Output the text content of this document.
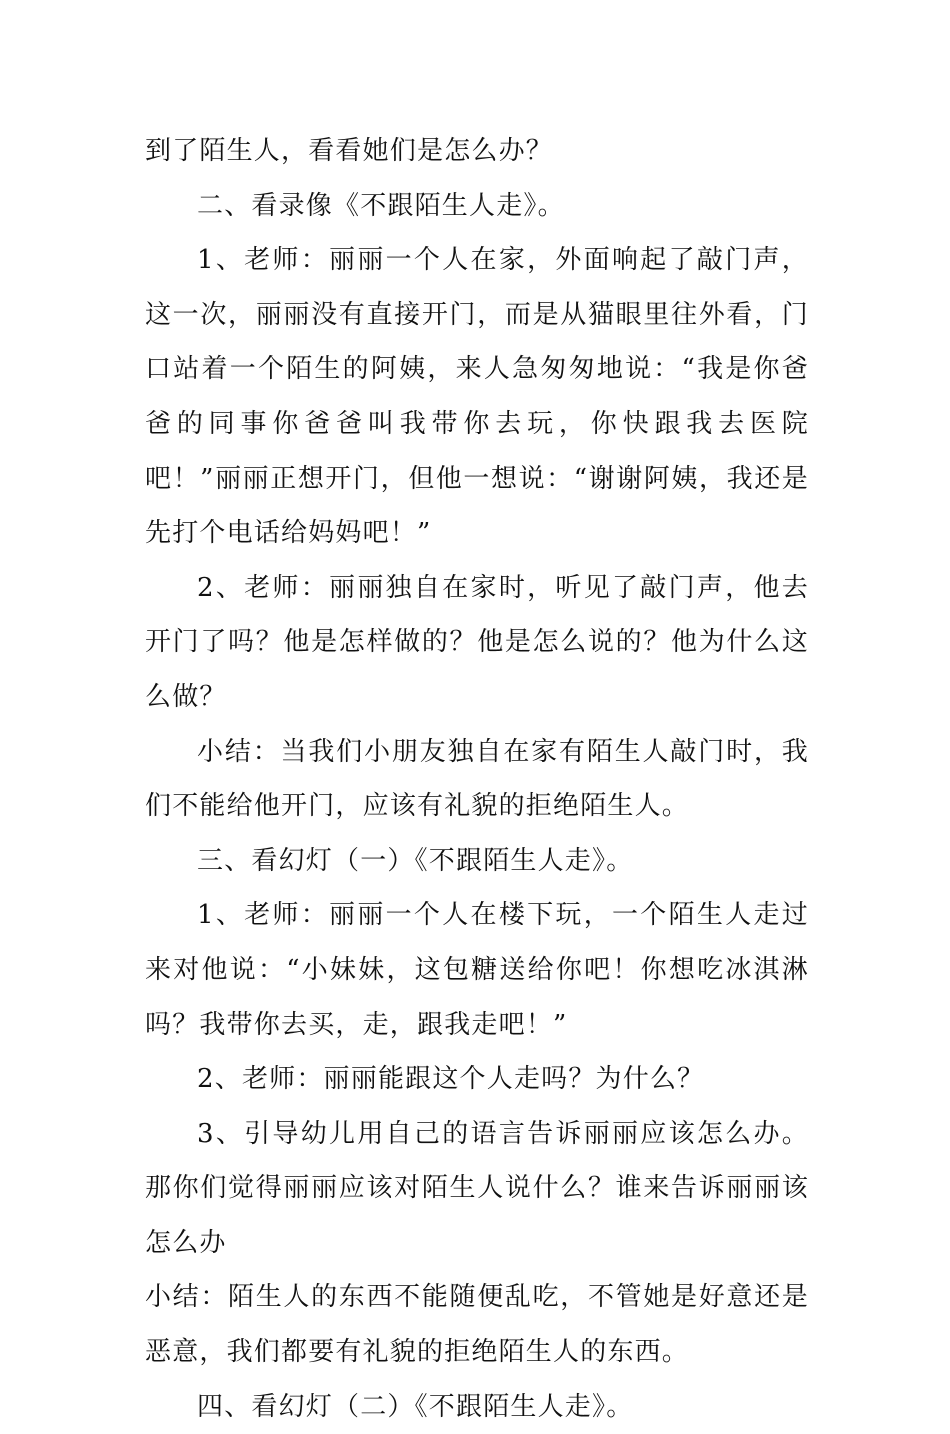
到了陌生人，看看她们是怎么办？

二、看录像《不跟陌生人走》。

1、老师：丽丽一个人在家，外面响起了敲门声，这一次，丽丽没有直接开门，而是从猫眼里往外看，门口站着一个陌生的阿姨，来人急匆匆地说：“我是你爸爸的同事你爸爸叫我带你去玩，你快跟我去医院吧！”丽丽正想开门，但他一想说：“谢谢阿姨，我还是先打个电话给妈妈吧！”

2、老师：丽丽独自在家时，听见了敲门声，他去开门了吗？他是怎样做的？他是怎么说的？他为什么这么做？

小结：当我们小朋友独自在家有陌生人敲门时，我们不能给他开门，应该有礼貌的拒绝陌生人。

三、看幻灯（一）《不跟陌生人走》。

1、老师：丽丽一个人在楼下玩，一个陌生人走过来对他说：“小妹妹，这包糖送给你吧！你想吃冰淇淋吗？我带你去买，走，跟我走吧！”

2、老师：丽丽能跟这个人走吗？为什么？

3、引导幼儿用自己的语言告诉丽丽应该怎么办。那你们觉得丽丽应该对陌生人说什么？谁来告诉丽丽该怎么办

小结：陌生人的东西不能随便乱吃，不管她是好意还是恶意，我们都要有礼貌的拒绝陌生人的东西。

四、看幻灯（二）《不跟陌生人走》。
